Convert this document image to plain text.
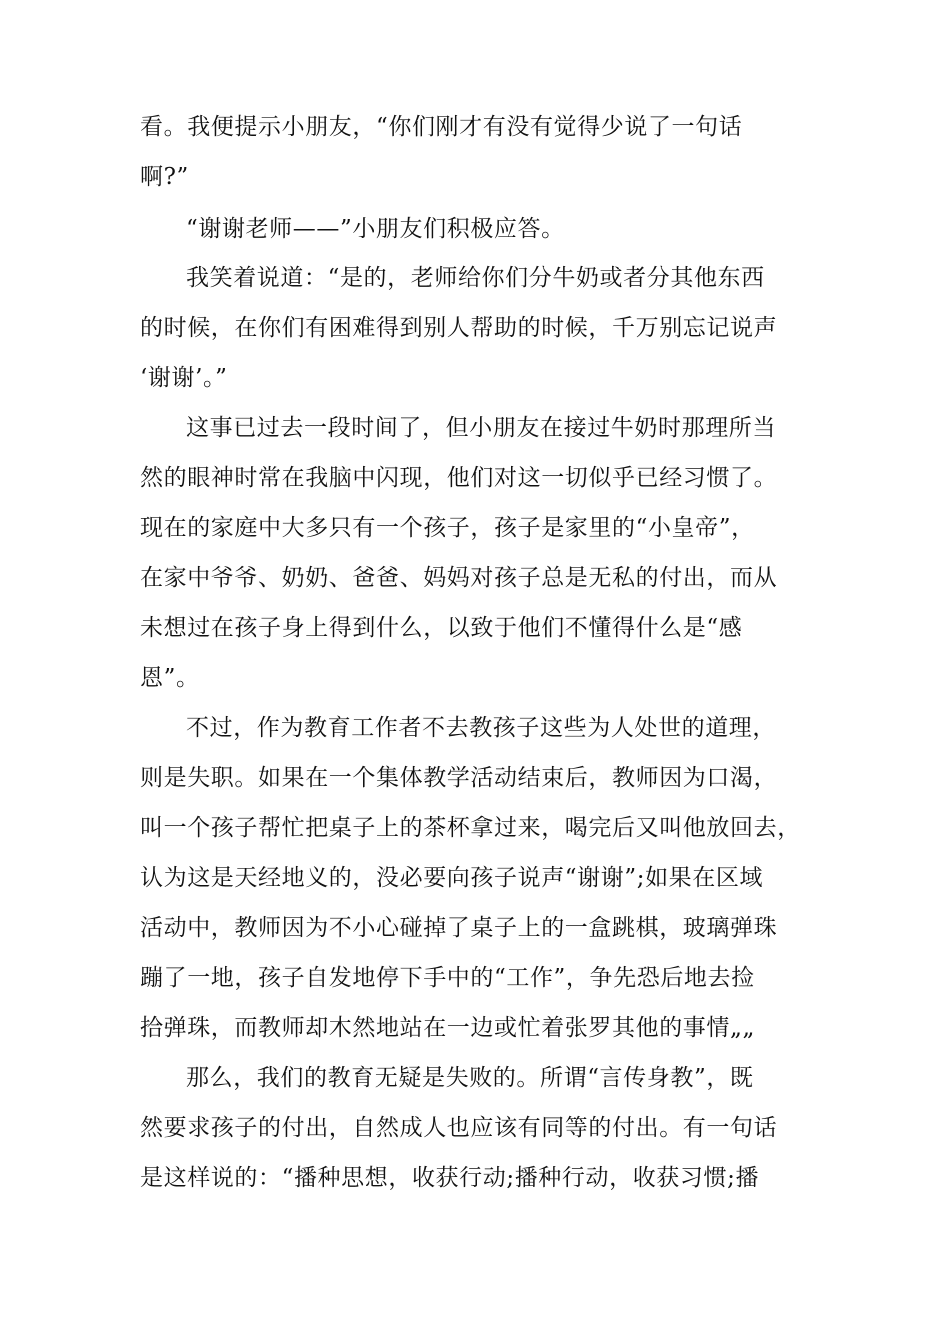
看。我便提示小朋友，“你们刚才有没有觉得少说了一句话
啊?”
“谢谢老师——”小朋友们积极应答。
我笑着说道：“是的，老师给你们分牛奶或者分其他东西
的时候，在你们有困难得到别人帮助的时候，千万别忘记说声
‘谢谢’。”
这事已过去一段时间了，但小朋友在接过牛奶时那理所当
然的眼神时常在我脑中闪现，他们对这一切似乎已经习惯了。
现在的家庭中大多只有一个孩子，孩子是家里的“小皇帝”，
在家中爷爷、奶奶、爸爸、妈妈对孩子总是无私的付出，而从
未想过在孩子身上得到什么，以致于他们不懂得什么是“感
恩”。
不过，作为教育工作者不去教孩子这些为人处世的道理，
则是失职。如果在一个集体教学活动结束后，教师因为口渴，
叫一个孩子帮忙把桌子上的茶杯拿过来，喝完后又叫他放回去，
认为这是天经地义的，没必要向孩子说声“谢谢”;如果在区域
活动中，教师因为不小心碰掉了桌子上的一盒跳棋，玻璃弹珠
蹦了一地，孩子自发地停下手中的“工作”，争先恐后地去捡
拾弹珠，而教师却木然地站在一边或忙着张罗其他的事情„„
那么，我们的教育无疑是失败的。所谓“言传身教”，既
然要求孩子的付出，自然成人也应该有同等的付出。有一句话
是这样说的：“播种思想，收获行动;播种行动，收获习惯;播
